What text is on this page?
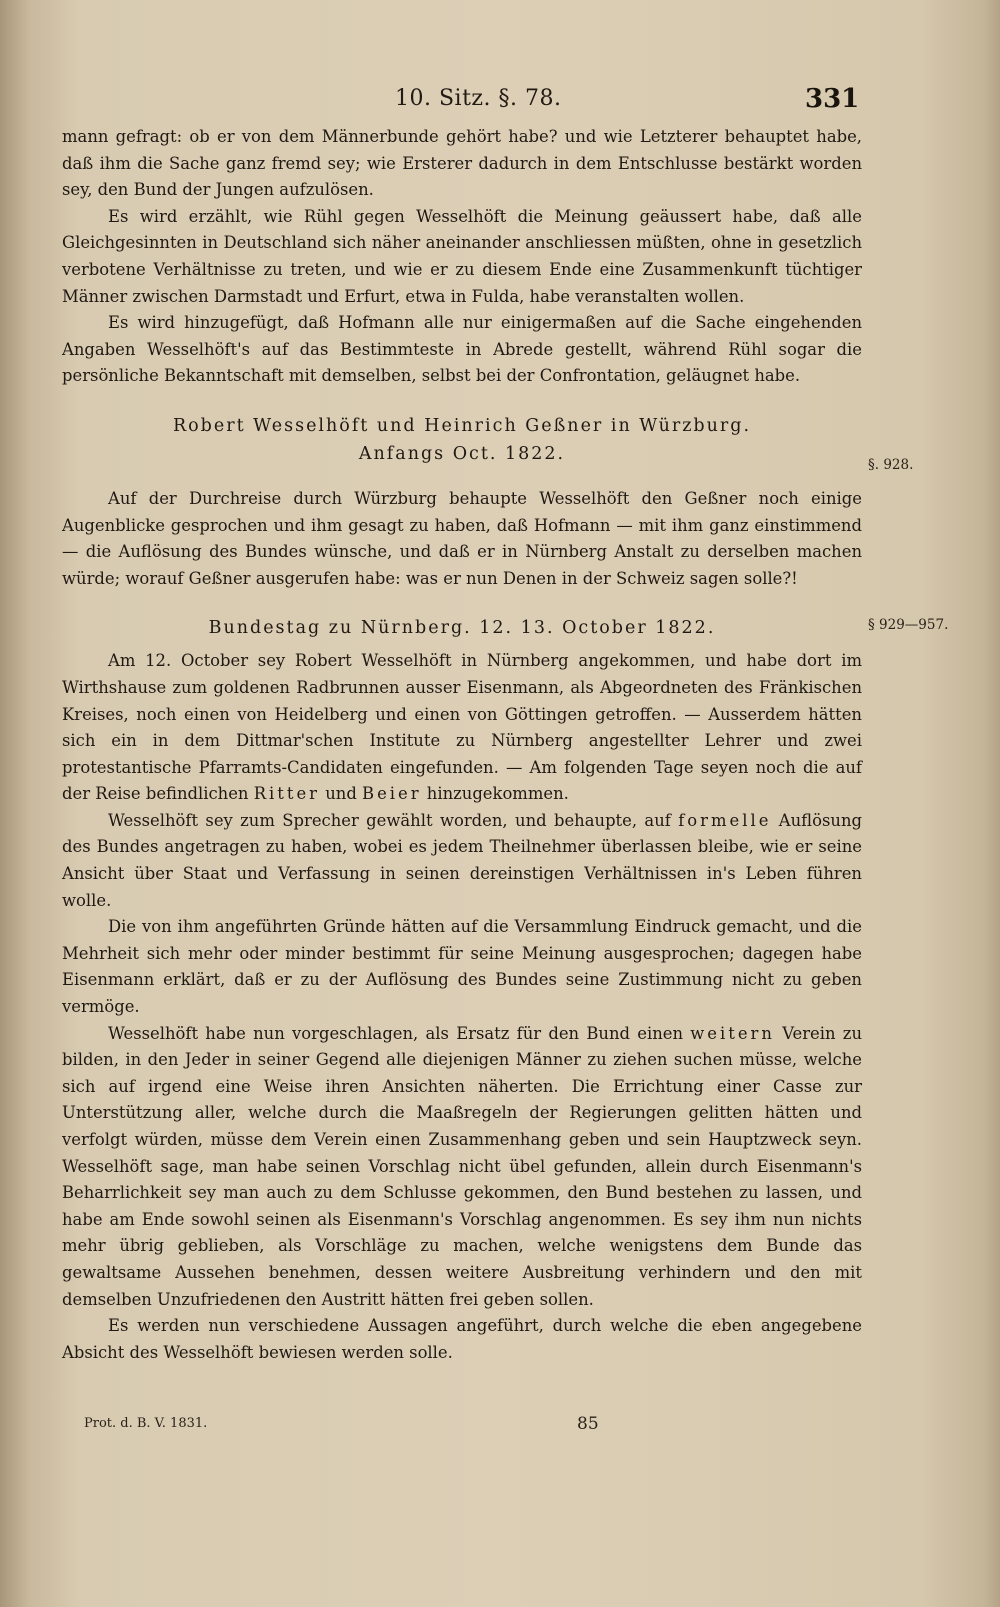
10. Sitz. §. 78.	331

mann gefragt: ob er von dem Männerbunde gehört habe? und wie Letzterer behauptet habe, daß ihm die Sache ganz fremd sey; wie Ersterer dadurch in dem Entschlusse bestärkt worden sey, den Bund der Jungen aufzulösen.

Es wird erzählt, wie Rühl gegen Wesselhöft die Meinung geäussert habe, daß alle Gleichgesinnten in Deutschland sich näher aneinander anschliessen müßten, ohne in gesetzlich verbotene Verhältnisse zu treten, und wie er zu diesem Ende eine Zusammenkunft tüchtiger Männer zwischen Darmstadt und Erfurt, etwa in Fulda, habe veranstalten wollen.

Es wird hinzugefügt, daß Hofmann alle nur einigermaßen auf die Sache eingehenden Angaben Wesselhöft's auf das Bestimmteste in Abrede gestellt, während Rühl sogar die persönliche Bekanntschaft mit demselben, selbst bei der Confrontation, geläugnet habe.

Robert Wesselhöft und Heinrich Geßner in Würzburg.

Anfangs Oct. 1822.

Auf der Durchreise durch Würzburg behaupte Wesselhöft den Geßner noch einige Augenblicke gesprochen und ihm gesagt zu haben, daß Hofmann — mit ihm ganz einstimmend — die Auflösung des Bundes wünsche, und daß er in Nürnberg Anstalt zu derselben machen würde; worauf Geßner ausgerufen habe: was er nun Denen in der Schweiz sagen solle?!

Bundestag zu Nürnberg. 12. 13. October 1822.

Am 12. October sey Robert Wesselhöft in Nürnberg angekommen, und habe dort im Wirthshause zum goldenen Radbrunnen ausser Eisenmann, als Abgeordneten des Fränkischen Kreises, noch einen von Heidelberg und einen von Göttingen getroffen. — Ausserdem hätten sich ein in dem Dittmar'schen Institute zu Nürnberg angestellter Lehrer und zwei protestantische Pfarramts-Candidaten eingefunden. — Am folgenden Tage seyen noch die auf der Reise befindlichen Ritter und Beier hinzugekommen.

Wesselhöft sey zum Sprecher gewählt worden, und behaupte, auf formelle Auflösung des Bundes angetragen zu haben, wobei es jedem Theilnehmer überlassen bleibe, wie er seine Ansicht über Staat und Verfassung in seinen dereinstigen Verhältnissen in's Leben führen wolle.

Die von ihm angeführten Gründe hätten auf die Versammlung Eindruck gemacht, und die Mehrheit sich mehr oder minder bestimmt für seine Meinung ausgesprochen; dagegen habe Eisenmann erklärt, daß er zu der Auflösung des Bundes seine Zustimmung nicht zu geben vermöge.

Wesselhöft habe nun vorgeschlagen, als Ersatz für den Bund einen weitern Verein zu bilden, in den Jeder in seiner Gegend alle diejenigen Männer zu ziehen suchen müsse, welche sich auf irgend eine Weise ihren Ansichten näherten. Die Errichtung einer Casse zur Unterstützung aller, welche durch die Maaßregeln der Regierungen gelitten hätten und verfolgt würden, müsse dem Verein einen Zusammenhang geben und sein Hauptzweck seyn. Wesselhöft sage, man habe seinen Vorschlag nicht übel gefunden, allein durch Eisenmann's Beharrlichkeit sey man auch zu dem Schlusse gekommen, den Bund bestehen zu lassen, und habe am Ende sowohl seinen als Eisenmann's Vorschlag angenommen. Es sey ihm nun nichts mehr übrig geblieben, als Vorschläge zu machen, welche wenigstens dem Bunde das gewaltsame Aussehen benehmen, dessen weitere Ausbreitung verhindern und den mit demselben Unzufriedenen den Austritt hätten frei geben sollen.

Es werden nun verschiedene Aussagen angeführt, durch welche die eben angegebene Absicht des Wesselhöft bewiesen werden solle.

§. 928.
§ 929—957.
Prot. d. B. V. 1831.	85
